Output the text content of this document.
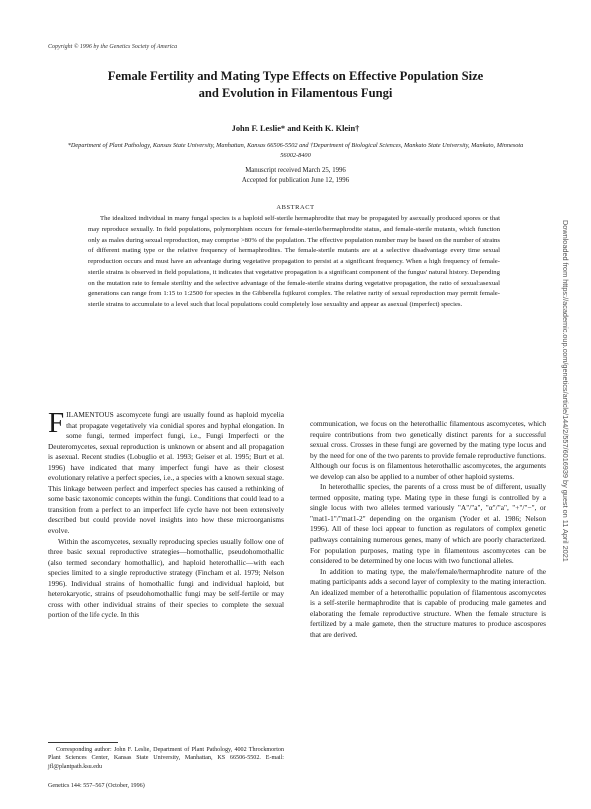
Copyright © 1996 by the Genetics Society of America
Female Fertility and Mating Type Effects on Effective Population Size
and Evolution in Filamentous Fungi
John F. Leslie* and Keith K. Klein†
*Department of Plant Pathology, Kansas State University, Manhattan, Kansas 66506-5502 and †Department of Biological Sciences, Mankato State University, Mankato, Minnesota 56002-8400
Manuscript received March 25, 1996
Accepted for publication June 12, 1996
ABSTRACT
The idealized individual in many fungal species is a haploid self-sterile hermaphrodite that may be propagated by asexually produced spores or that may reproduce sexually. In field populations, polymorphism occurs for female-sterile/hermaphrodite status, and female-sterile mutants, which function only as males during sexual reproduction, may comprise >80% of the population. The effective population number may be based on the number of strains of different mating type or the relative frequency of hermaphrodites. The female-sterile mutants are at a selective disadvantage every time sexual reproduction occurs and must have an advantage during vegetative propagation to persist at a significant frequency. When a high frequency of female-sterile strains is observed in field populations, it indicates that vegetative propagation is a significant component of the fungus' natural history. Depending on the mutation rate to female sterility and the selective advantage of the female-sterile strains during vegetative propagation, the ratio of sexual:asexual generations can range from 1:15 to 1:2500 for species in the Gibberella fujikuroi complex. The relative rarity of sexual reproduction may permit female-sterile strains to accumulate to a level such that local populations could completely lose sexuality and appear as asexual (imperfect) species.	Downloaded from https://academic.oup.com/genetics/article/144/2/557/6016939 by guest on 11 April 2021

FILAMENTOUS ascomycete fungi are usually found as haploid mycelia that propagate vegetatively via conidial spores and hyphal elongation. In some fungi, termed imperfect fungi, i.e., Fungi Imperfecti or the Deuteromycetes, sexual reproduction is unknown or absent and all propagation is asexual. Recent studies (Lobuglio et al. 1993; Geiser et al. 1995; Burt et al. 1996) have indicated that many imperfect fungi have as their closest evolutionary relative a perfect species, i.e., a species with a known sexual stage. This linkage between perfect and imperfect species has caused a rethinking of some basic taxonomic concepts within the fungi. Conditions that could lead to a transition from a perfect to an imperfect life cycle have not been extensively described but could provide novel insights into how these microorganisms evolve.

Within the ascomycetes, sexually reproducing species usually follow one of three basic sexual reproductive strategies—homothallic, pseudohomothallic (also termed secondary homothallic), and haploid heterothallic—with each species limited to a single reproductive strategy (Fincham et al. 1979; Nelson 1996). Individual strains of homothallic fungi and individual haploid, but heterokaryotic, strains of pseudohomothallic fungi may be self-fertile or may cross with other individual strains of their species to complete the sexual portion of the life cycle. In this

communication, we focus on the heterothallic filamentous ascomycetes, which require contributions from two genetically distinct parents for a successful sexual cross. Crosses in these fungi are governed by the mating type locus and by the need for one of the two parents to provide female reproductive functions. Although our focus is on filamentous heterothallic ascomycetes, the arguments we develop can also be applied to a number of other haploid systems.

In heterothallic species, the parents of a cross must be of different, usually termed opposite, mating type. Mating type in these fungi is controlled by a single locus with two alleles termed variously "A"/"a", "α"/"a", "+"/"−", or "mat1-1"/"mat1-2" depending on the organism (Yoder et al. 1986; Nelson 1996). All of these loci appear to function as regulators of complex genetic pathways containing numerous genes, many of which are poorly characterized. For population purposes, mating type in filamentous ascomycetes can be considered to be determined by one locus with two functional alleles.

In addition to mating type, the male/female/hermaphrodite nature of the mating participants adds a second layer of complexity to the mating interaction. An idealized member of a heterothallic population of filamentous ascomycetes is a self-sterile hermaphrodite that is capable of producing male gametes and elaborating the female reproductive structure. When the female structure is fertilized by a male gamete, then the structure matures to produce ascospores that are derived.

Corresponding author: John F. Leslie, Department of Plant Pathology, 4002 Throckmorton Plant Sciences Center, Kansas State University, Manhattan, KS 66506-5502. E-mail: jfl@plantpath.ksu.edu
Genetics 144: 557–567 (October, 1996)
